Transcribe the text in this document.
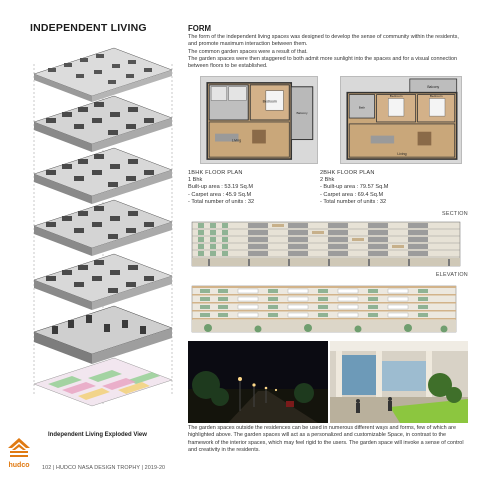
INDEPENDENT LIVING
Independent Living Exploded View
hudco 102 | HUDCO NASA DESIGN TROPHY | 2019-20
FORM

The form of the independent living spaces was designed to develop the sense of community within the residents, and promote maximum interaction between them.

The common garden spaces were a result of that.

The garden spaces were then staggered to both admit more sunlight into the spaces and for a visual connection between floors to be established.

Bedroom
Living
Balcony
Balcony
Bath
Bedroom	Bedroom
Living
1BHK FLOOR PLAN
1 Bhk
Built-up area : 53.19 Sq.M
- Carpet area : 45.9 Sq.M
- Total number of units : 32
2BHK FLOOR PLAN
2 Bhk
- Built-up area : 79.57 Sq.M
- Carpet area : 69.4 Sq.M
- Total number of units : 32
SECTION
ELEVATION
The garden spaces outside the residences can be used in numerous different ways and forms, few of which are highlighted above. The garden spaces will act as a personalized and customizable Space, in contrast to the framework of the interior spaces, which may feel rigid to the users. The garden space will invoke a sense of control and creativity in the residents.
